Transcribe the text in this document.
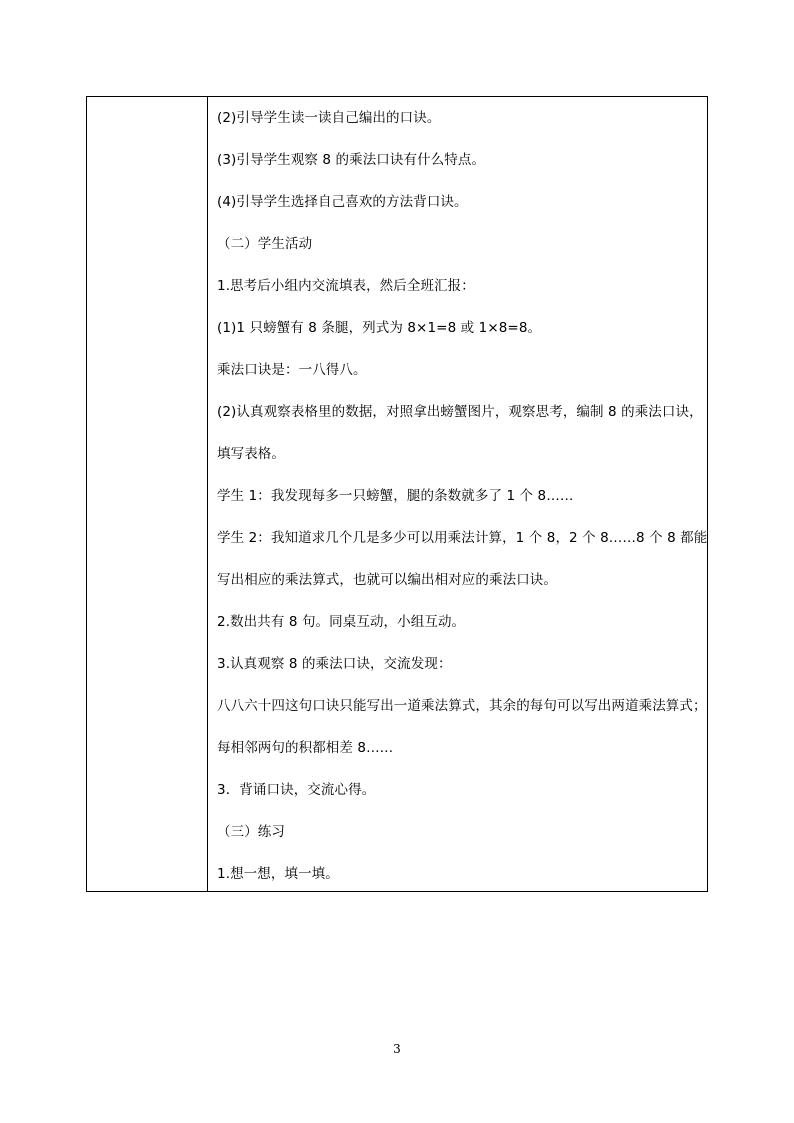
(2)引导学生读一读自己编出的口诀。
(3)引导学生观察 8 的乘法口诀有什么特点。
(4)引导学生选择自己喜欢的方法背口诀。
（二）学生活动
1.思考后小组内交流填表，然后全班汇报：
(1)1 只螃蟹有 8 条腿，列式为 8×1=8 或 1×8=8。
乘法口诀是：一八得八。
(2)认真观察表格里的数据，对照拿出螃蟹图片，观察思考，编制 8 的乘法口诀，
填写表格。
学生 1：我发现每多一只螃蟹，腿的条数就多了 1 个 8……
学生 2：我知道求几个几是多少可以用乘法计算，1 个 8，2 个 8……8 个 8 都能
写出相应的乘法算式，也就可以编出相对应的乘法口诀。
2.数出共有 8 句。同桌互动，小组互动。
3.认真观察 8 的乘法口诀，交流发现：
八八六十四这句口诀只能写出一道乘法算式，其余的每句可以写出两道乘法算式；
每相邻两句的积都相差 8……
3．背诵口诀，交流心得。
（三）练习
1.想一想，填一填。
3
